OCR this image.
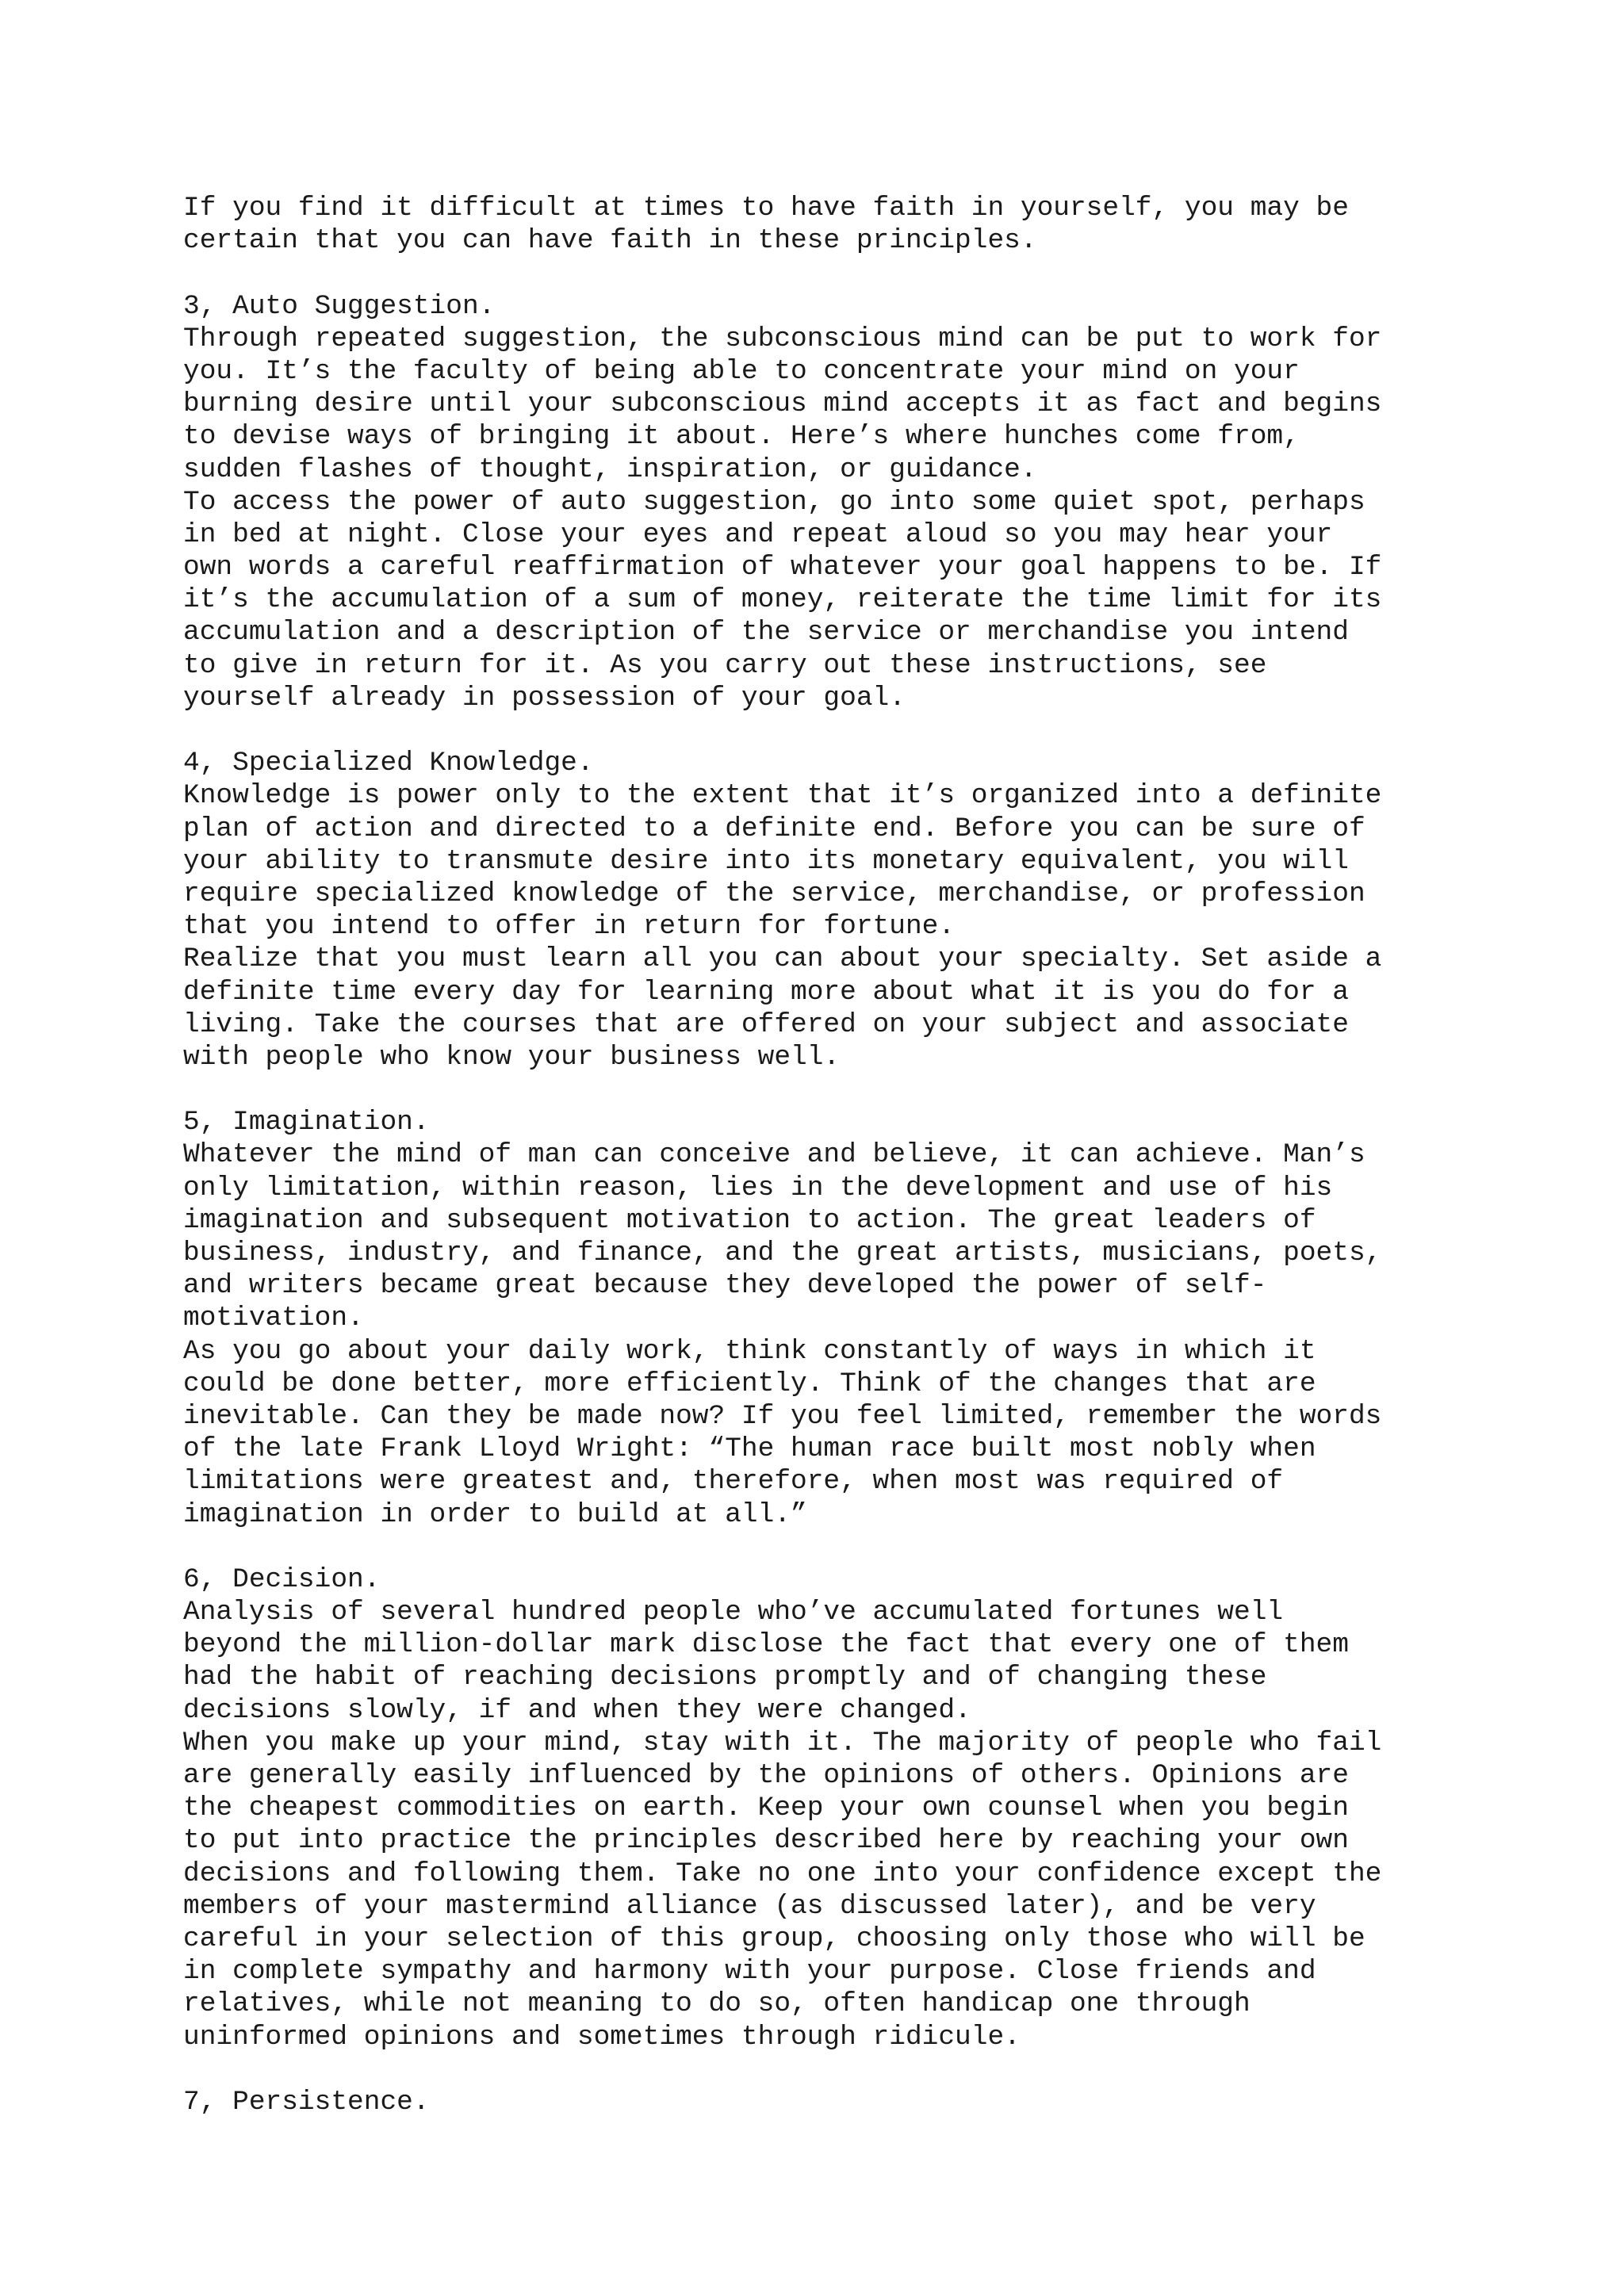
If you find it difficult at times to have faith in yourself, you may be
certain that you can have faith in these principles.
3, Auto Suggestion.
Through repeated suggestion, the subconscious mind can be put to work for
you. It’s the faculty of being able to concentrate your mind on your
burning desire until your subconscious mind accepts it as fact and begins
to devise ways of bringing it about. Here’s where hunches come from,
sudden flashes of thought, inspiration, or guidance.
To access the power of auto suggestion, go into some quiet spot, perhaps
in bed at night. Close your eyes and repeat aloud so you may hear your
own words a careful reaffirmation of whatever your goal happens to be. If
it’s the accumulation of a sum of money, reiterate the time limit for its
accumulation and a description of the service or merchandise you intend
to give in return for it. As you carry out these instructions, see
yourself already in possession of your goal.
4, Specialized Knowledge.
Knowledge is power only to the extent that it’s organized into a definite
plan of action and directed to a definite end. Before you can be sure of
your ability to transmute desire into its monetary equivalent, you will
require specialized knowledge of the service, merchandise, or profession
that you intend to offer in return for fortune.
Realize that you must learn all you can about your specialty. Set aside a
definite time every day for learning more about what it is you do for a
living. Take the courses that are offered on your subject and associate
with people who know your business well.
5, Imagination.
Whatever the mind of man can conceive and believe, it can achieve. Man’s
only limitation, within reason, lies in the development and use of his
imagination and subsequent motivation to action. The great leaders of
business, industry, and finance, and the great artists, musicians, poets,
and writers became great because they developed the power of self-
motivation.
As you go about your daily work, think constantly of ways in which it
could be done better, more efficiently. Think of the changes that are
inevitable. Can they be made now? If you feel limited, remember the words
of the late Frank Lloyd Wright: “The human race built most nobly when
limitations were greatest and, therefore, when most was required of
imagination in order to build at all.”
6, Decision.
Analysis of several hundred people who’ve accumulated fortunes well
beyond the million-dollar mark disclose the fact that every one of them
had the habit of reaching decisions promptly and of changing these
decisions slowly, if and when they were changed.
When you make up your mind, stay with it. The majority of people who fail
are generally easily influenced by the opinions of others. Opinions are
the cheapest commodities on earth. Keep your own counsel when you begin
to put into practice the principles described here by reaching your own
decisions and following them. Take no one into your confidence except the
members of your mastermind alliance (as discussed later), and be very
careful in your selection of this group, choosing only those who will be
in complete sympathy and harmony with your purpose. Close friends and
relatives, while not meaning to do so, often handicap one through
uninformed opinions and sometimes through ridicule.
7, Persistence.
